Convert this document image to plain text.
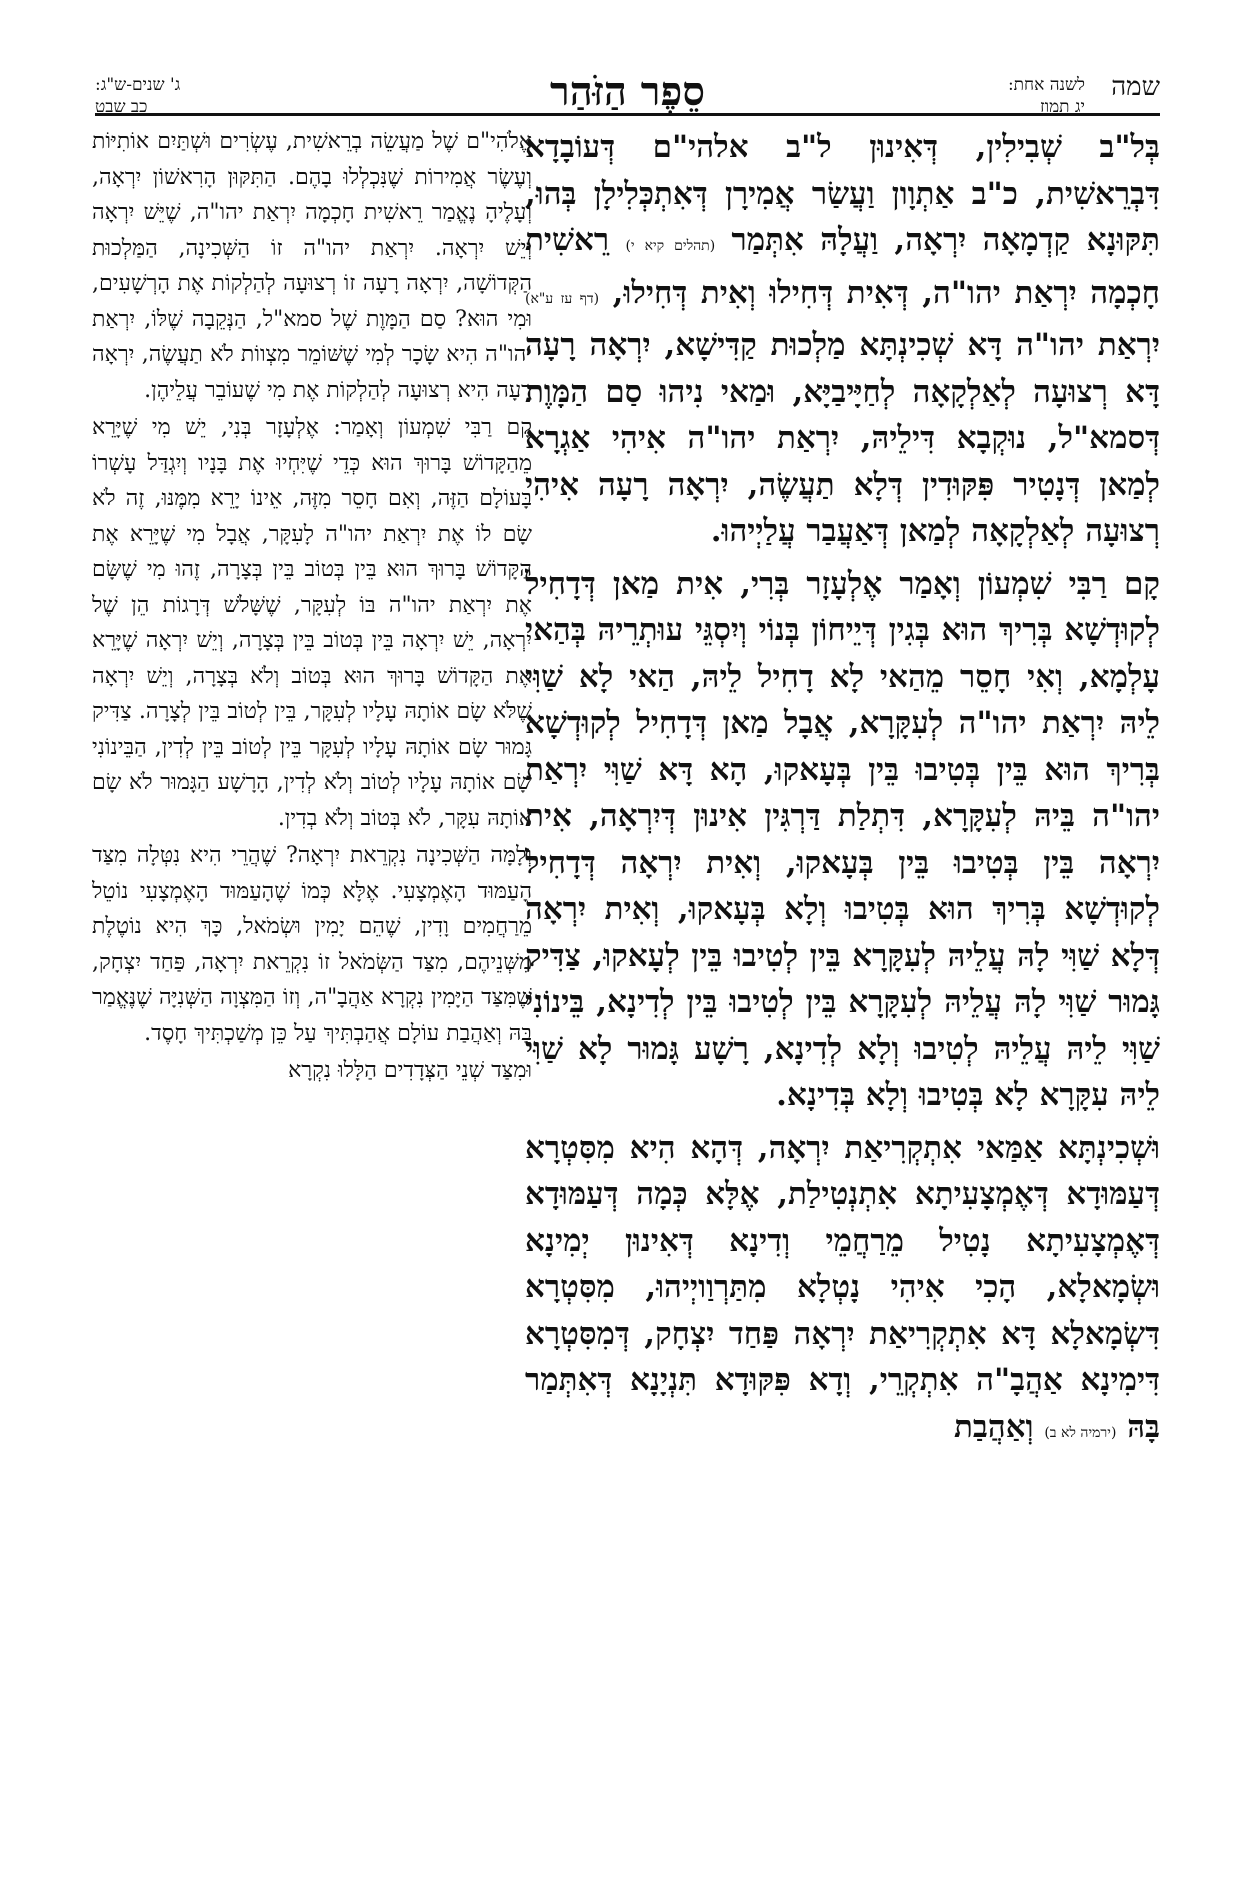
שמה
לשנה אחת:
יג תמוז
סֵפֶר הַזֹּהַר
ג' שנים-ש"ג:
כב שבט

בְּל"ב שְׁבִילִין, דְּאִינוּן ל"ב אלהי"ם דְּעוֹבָדָא דִּבְרֵאשִׁית, כ"ב אַתְוָון וַעֲשַׂר אֲמִירָן דְּאִתְכְּלִילָן בְּהוּ, תִּקּוּנָא קַדְמָאָה יִרְאָה, וַעֲלָהּ אִתְּמַר (תהלים קיא י) רֵאשִׁית חָכְמָה יִרְאַת יהו"ה, דְּאִית דְּחִילוּ וְאִית דְּחִילוּ, (דף עז ע"א) יִרְאַת יהו"ה דָּא שְׁכִינְתָּא מַלְכוּת קַדִּישָׁא, יִרְאָה רָעָה דָּא רְצוּעָה לְאַלְקָאָה לְחַיָּיבַיָּא, וּמַאי נִיהוּ סַם הַמָּוֶת דְּסמא"ל, נוּקְבָא דִּילֵיהּ, יִרְאַת יהו"ה אִיהִי אַגְרָא לְמַאן דְּנָטִיר פִּקּוּדִין דְּלָא תַעֲשֶׂה, יִרְאָה רָעָה אִיהִי רְצוּעָה לְאַלְקָאָה לְמַאן דְּאַעֲבַר עֲלַיְיהוּ.

קָם רַבִּי שִׁמְעוֹן וְאָמַר אֶלְעָזָר בְּרִי, אִית מַאן דְּדָחִיל לְקוּדְשָׁא בְּרִיךְ הוּא בְּגִין דְּיֵיחוֹן בְּנוֹי וְיִסְגֵּי עוּתְרֵיהּ בְּהַאי עָלְמָא, וְאִי חָסֵר מֵהַאי לָא דָחִיל לֵיהּ, הַאי לָא שַׁוִּי לֵיהּ יִרְאַת יהו"ה לְעִקָּרָא, אֲבָל מַאן דְּדָחִיל לְקוּדְשָׁא בְּרִיךְ הוּא בֵּין בְּטִיבוּ בֵּין בְּעָאקוּ, הָא דָּא שַׁוִּי יִרְאַת יהו"ה בֵּיהּ לְעִקָּרָא, דִּתְלַת דַּרְגִּין אִינוּן דְּיִרְאָה, אִית יִרְאָה בֵּין בְּטִיבוּ בֵּין בְּעָאקוּ, וְאִית יִרְאָה דְּדָחִיל לְקוּדְשָׁא בְּרִיךְ הוּא בְּטִיבוּ וְלָא בְּעָאקוּ, וְאִית יִרְאָה דְּלָא שַׁוִּי לָהּ עֲלֵיהּ לְעִקָּרָא בֵּין לְטִיבוּ בֵּין לְעָאקוּ, צַדִּיק גָּמוּר שַׁוִּי לָהּ עֲלֵיהּ לְעִקָּרָא בֵּין לְטִיבוּ בֵּין לְדִינָא, בֵּינוֹנִי שַׁוִּי לֵיהּ עֲלֵיהּ לְטִיבוּ וְלָא לְדִינָא, רָשָׁע גָּמוּר לָא שַׁוִּי לֵיהּ עִקָּרָא לָא בְּטִיבוּ וְלָא בְּדִינָא.

וּשְׁכִינְתָּא אַמַּאי אִתְקְרִיאַת יִרְאָה, דְּהָא הִיא מִסִּטְרָא דְּעַמּוּדָא דְּאֶמְצָעִיתָא אִתְנְטִילַת, אֶלָּא כְּמָה דְּעַמּוּדָא דְּאֶמְצָעִיתָא נָטִיל מֵרַחֲמֵי וְדִינָא דְּאִינוּן יְמִינָא וּשְׂמָאלָא, הָכִי אִיהִי נָטְלָא מִתַּרְוַויְיהוּ, מִסִּטְרָא דִּשְׂמָאלָא דָּא אִתְקְרִיאַת יִרְאָה פַּחַד יִצְחָק, דְּמִסִּטְרָא דִּימִינָא אַהֲבָ"ה אִתְקְרֵי, וְדָא פִּקּוּדָא תִּנְיָנָא דְּאִתְּמַר בָּהּ (ירמיה לא ב) וְאַהֲבַת

אֱלֹהִי"ם שֶׁל מַעֲשֵׂה בְרֵאשִׁית, עֶשְׂרִים וּשְׁתַּיִם אוֹתִיּוֹת וְעֶשֶׂר אֲמִירוֹת שֶׁנִּכְלְלוּ בָהֶם. הַתִּקּוּן הָרִאשׁוֹן יִרְאָה, וְעָלֶיהָ נֶאֱמַר רֵאשִׁית חָכְמָה יִרְאַת יהו"ה, שֶׁיֵּשׁ יִרְאָה וְיֵשׁ יִרְאָה. יִרְאַת יהו"ה זוֹ הַשְּׁכִינָה, הַמַּלְכוּת הַקְּדוֹשָׁה, יִרְאָה רָעָה זוֹ רְצוּעָה לְהַלְקוֹת אֶת הָרְשָׁעִים, וּמִי הוּא? סַם הַמָּוֶת שֶׁל סמא"ל, הַנְּקֵבָה שֶׁלּוֹ, יִרְאַת יהו"ה הִיא שָׂכָר לְמִי שֶׁשּׁוֹמֵר מִצְווֹת לֹא תַעֲשֶׂה, יִרְאָה רָעָה הִיא רְצוּעָה לְהַלְקוֹת אֶת מִי שֶׁעוֹבֵר עֲלֵיהֶן.

קָם רַבִּי שִׁמְעוֹן וְאָמַר: אֶלְעָזָר בְּנִי, יֵשׁ מִי שֶׁיָּרֵא מֵהַקָּדוֹשׁ בָּרוּךְ הוּא כְּדֵי שֶׁיִּחְיוּ אֶת בָּנָיו וְיִגְדַּל עָשְׁרוֹ בָּעוֹלָם הַזֶּה, וְאִם חָסֵר מִזֶּה, אֵינוֹ יָרֵא מִמֶּנּוּ, זֶה לֹא שָׂם לוֹ אֶת יִרְאַת יהו"ה לָעִקָּר, אֲבָל מִי שֶׁיָּרֵא אֶת הַקָּדוֹשׁ בָּרוּךְ הוּא בֵּין בְּטוֹב בֵּין בְּצָרָה, זֶהוּ מִי שֶׁשָּׂם אֶת יִרְאַת יהו"ה בּוֹ לְעִקָּר, שֶׁשָּׁלֹשׁ דְּרָגוֹת הֵן שֶׁל יִרְאָה, יֵשׁ יִרְאָה בֵּין בְּטוֹב בֵּין בְּצָרָה, וְיֵשׁ יִרְאָה שֶׁיָּרֵא אֶת הַקָּדוֹשׁ בָּרוּךְ הוּא בְּטוֹב וְלֹא בְּצָרָה, וְיֵשׁ יִרְאָה שֶׁלֹּא שָׂם אוֹתָהּ עָלָיו לְעִקָּר, בֵּין לְטוֹב בֵּין לְצָרָה. צַדִּיק גָּמוּר שָׂם אוֹתָהּ עָלָיו לְעִקָּר בֵּין לְטוֹב בֵּין לְדִין, הַבֵּינוֹנִי שָׂם אוֹתָהּ עָלָיו לְטוֹב וְלֹא לְדִין, הָרָשָׁע הַגָּמוּר לֹא שָׂם אוֹתָהּ עִקָּר, לֹא בְּטוֹב וְלֹא בְדִין.

וְלָמָּה הַשְּׁכִינָה נִקְרֵאת יִרְאָה? שֶׁהֲרֵי הִיא נִטְּלָה מִצַּד הָעַמּוּד הָאֶמְצָעִי. אֶלָּא כְּמוֹ שֶׁהָעַמּוּד הָאֶמְצָעִי נוֹטֵל מֵרַחֲמִים וָדִין, שֶׁהֵם יָמִין וּשְׂמֹאל, כָּךְ הִיא נוֹטֶלֶת מִשְּׁנֵיהֶם, מִצַּד הַשְּׂמֹאל זוֹ נִקְרֵאת יִרְאָה, פַּחַד יִצְחָק, שֶׁמִּצַּד הַיָּמִין נִקְרָא אַהֲבָ"ה, וְזוֹ הַמִּצְוָה הַשְּׁנִיָּה שֶׁנֶּאֱמַר בָּהּ וְאַהֲבַת עוֹלָם אֲהַבְתִּיךְ עַל כֵּן מְשַׁכְתִּיךְ חָסֶד.

וּמִצַּד שְׁנֵי הַצְּדָדִים הַלָּלוּ נִקְרָא
